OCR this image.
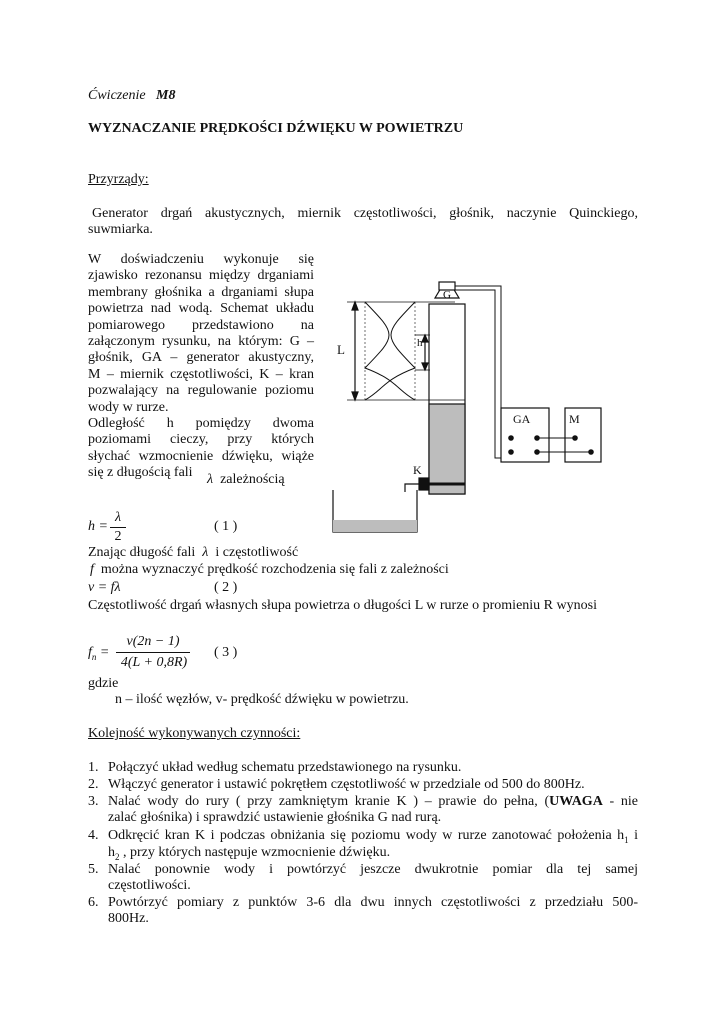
Ćwiczenie M8
WYZNACZANIE PRĘDKOŚCI DŹWIĘKU W POWIETRZU
Przyrządy:
Generator drgań akustycznych, miernik częstotliwości, głośnik, naczynie Quinckiego,
suwmiarka.
W doświadczeniu wykonuje się
zjawisko rezonansu między drganiami
membrany głośnika a drganiami słupa
powietrza nad wodą. Schemat układu
pomiarowego przedstawiono na
załączonym rysunku, na którym: G –
głośnik, GA – generator akustyczny,
M – miernik częstotliwości, K – kran
pozwalający na regulowanie poziomu
wody w rurze.
Odległość h pomiędzy dwoma
poziomami cieczy, przy których
słychać wzmocnienie dźwięku, wiąże
się z długością fali	λ zależnością
L	h
G
GA	M
K
h =
λ
2
( 1 )
Znając długość fali λ i częstotliwość
f można wyznaczyć prędkość rozchodzenia się fali z zależności
v = fλ	( 2 )
Częstotliwość drgań własnych słupa powietrza o długości L w rurze o promieniu R wynosi
$f_n$ =
v(2n − 1)
4(L + 0,8R)
( 3 )
gdzie
n – ilość węzłów, v- prędkość dźwięku w powietrzu.
Kolejność wykonywanych czynności:
1. Połączyć układ według schematu przedstawionego na rysunku.
2. Włączyć generator i ustawić pokrętłem częstotliwość w przedziale od 500 do 800Hz.
3. Nalać wody do rury ( przy zamkniętym kranie K ) – prawie do pełna, (UWAGA - nie
zalać głośnika) i sprawdzić ustawienie głośnika G nad rurą.
4. Odkręcić kran K i podczas obniżania się poziomu wody w rurze zanotować położenia $h_1$ i
$h_2$ , przy których następuje wzmocnienie dźwięku.
5. Nalać ponownie wody i powtórzyć jeszcze dwukrotnie pomiar dla tej samej
częstotliwości.
6. Powtórzyć pomiary z punktów 3-6 dla dwu innych częstotliwości z przedziału 500-
800Hz.
